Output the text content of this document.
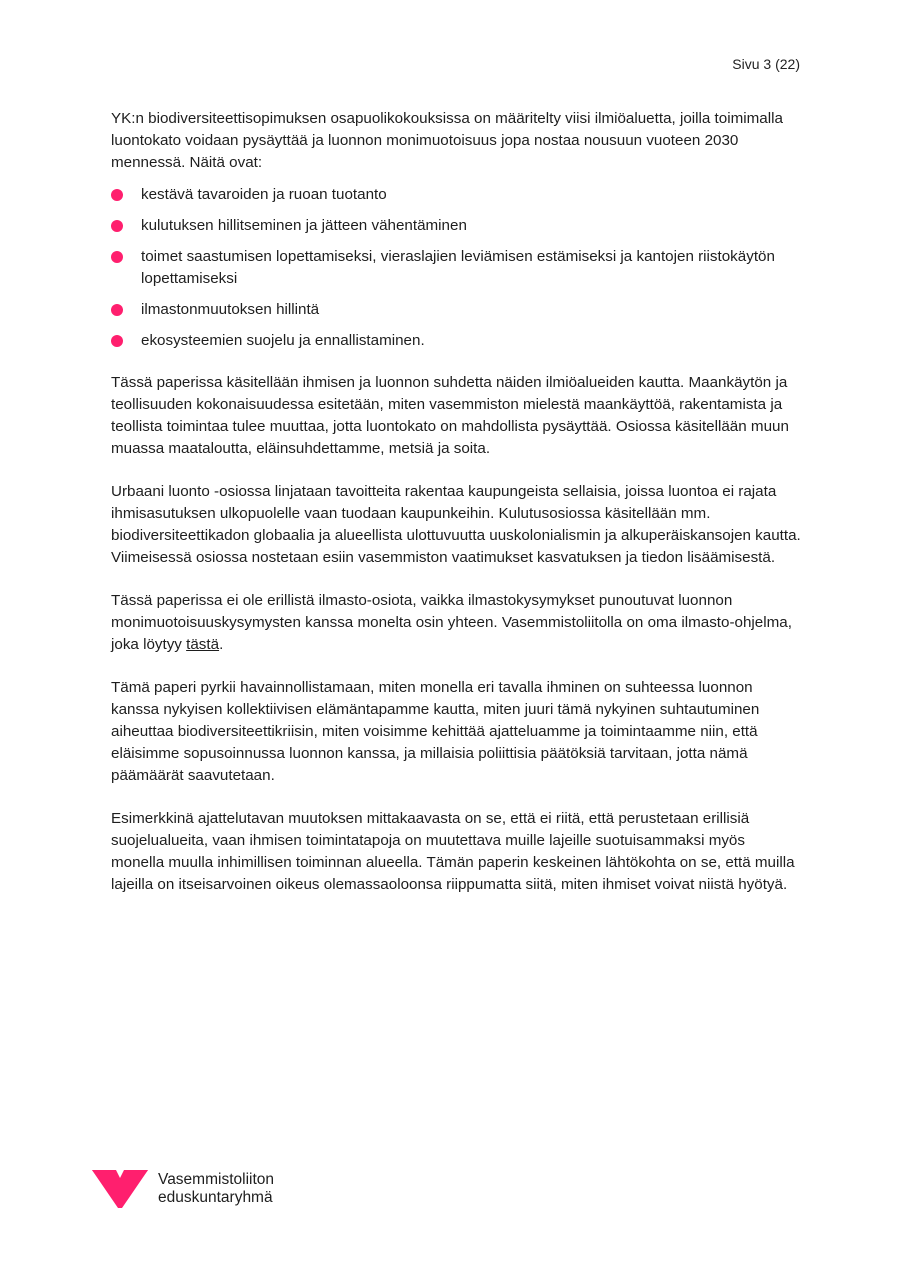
Sivu 3 (22)

YK:n biodiversiteettisopimuksen osapuolikokouksissa on määritelty viisi ilmiöaluetta, joilla toimimalla luontokato voidaan pysäyttää ja luonnon monimuotoisuus jopa nostaa nousuun vuoteen 2030 mennessä. Näitä ovat:

kestävä tavaroiden ja ruoan tuotanto
kulutuksen hillitseminen ja jätteen vähentäminen
toimet saastumisen lopettamiseksi, vieraslajien leviämisen estämiseksi ja kantojen riistokäytön lopettamiseksi
ilmastonmuutoksen hillintä
ekosysteemien suojelu ja ennallistaminen.

Tässä paperissa käsitellään ihmisen ja luonnon suhdetta näiden ilmiöalueiden kautta. Maankäytön ja teollisuuden kokonaisuudessa esitetään, miten vasemmiston mielestä maankäyttöä, rakentamista ja teollista toimintaa tulee muuttaa, jotta luontokato on mahdollista pysäyttää. Osiossa käsitellään muun muassa maataloutta, eläinsuhdettamme, metsiä ja soita.

Urbaani luonto -osiossa linjataan tavoitteita rakentaa kaupungeista sellaisia, joissa luontoa ei rajata ihmisasutuksen ulkopuolelle vaan tuodaan kaupunkeihin. Kulutusosiossa käsitellään mm. biodiversiteettikadon globaalia ja alueellista ulottuvuutta uuskolonialismin ja alkuperäiskansojen kautta. Viimeisessä osiossa nostetaan esiin vasemmiston vaatimukset kasvatuksen ja tiedon lisäämisestä.

Tässä paperissa ei ole erillistä ilmasto-osiota, vaikka ilmastokysymykset punoutuvat luonnon monimuotoisuuskysymysten kanssa monelta osin yhteen. Vasemmistoliitolla on oma ilmasto-ohjelma, joka löytyy tästä.

Tämä paperi pyrkii havainnollistamaan, miten monella eri tavalla ihminen on suhteessa luonnon kanssa nykyisen kollektiivisen elämäntapamme kautta, miten juuri tämä nykyinen suhtautuminen aiheuttaa biodiversiteettikriisin, miten voisimme kehittää ajatteluamme ja toimintaamme niin, että eläisimme sopusoinnussa luonnon kanssa, ja millaisia poliittisia päätöksiä tarvitaan, jotta nämä päämäärät saavutetaan.

Esimerkkinä ajattelutavan muutoksen mittakaavasta on se, että ei riitä, että perustetaan erillisiä suojelualueita, vaan ihmisen toimintatapoja on muutettava muille lajeille suotuisammaksi myös monella muulla inhimillisen toiminnan alueella. Tämän paperin keskeinen lähtökohta on se, että muilla lajeilla on itseisarvoinen oikeus olemassaoloonsa riippumatta siitä, miten ihmiset voivat niistä hyötyä.

Vasemmistoliiton
eduskuntaryhmä
